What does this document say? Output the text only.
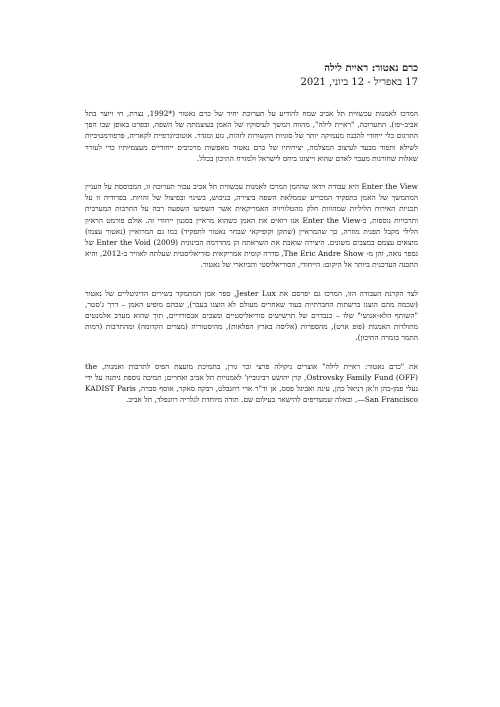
כרם נאטור: ראיית לילה
17 באפריל - 12 ביוני, 2021

המרכז לאמנות עכשווית תל אביב שמח להודיע על תערוכת יחיד של כרם נאטור (*1992, נצרת, חי ויוצר בתל אביב-יפו). התערוכה, "ראיית לילה", מהווה המשך לעיסוקיו של האמן בעוצמתה של השפה, ובפרט באופן שבו הפך התרגום כלי ייחודי להבנה מעמיקה יותר של סוגיות הקשורות לזהות, גזע ומגדר. אוטוביוגרפיית לקאריה, פרפורמטיביות לשילא ותפוד מבעד לעיצוב המצלמה, יצירותיו של כרם נאטור מאפשות מרכיבים ייחודיים מעצמיותיו כדי לעורר שאלות שחורגות מעבר לאדם שהוא וייצוגו ביחס לישראל ולמזרח התיכון בכלל.

Enter the View היא עבודת וידאו שהוזמן המרכז לאמנות עכשווית תל אביב עבור תערוכה זו, המבוססת על העניין המתמשך של האמן בתפקיד המכריע שממלאת השפה ביצירה, בגיבוש, בשינוי ובפיצול של זהויות. בפרודיה זו על תכניות האירוח הליליות שמהווות חלק מהטלוויזיה האמריקאית אשר השפיעו השפעה רבה על התרבות המערבית ותרבויות נוספות, ב-Enter the View אנו רואים את האמן כשהוא מראיין בסגנון ייחודי זה. אולם פורמט הראיון הלילי מקבל תפנית מוזרה, כך שהמראיין (שתקן וקופיקאי שבחר נאטור לתפקיד) כמו גם המרואיין (נאטור עצמו) מוצאים עצמם במצבים משונים. היצירה שואבת את השראתה הן מהדרמה הבינונית Enter the Void (2009) של גספר נואה, והן מ- The Eric Andre Show, סדרה קומית אמריקאית סוריאליסטית שעלתה לאוויר ב-2012, והיא התכנה העדכנית ביותר אל היקום: הייחודי, הסוריאליסטי והביזארי של נאטור.

לצד הקרנת העבודה הזו, המרכז גם יפרסם את Jester Lux, ספר אמן המתמקד בשירים הדיגיטליים של נאטור (שכמה מהם הוצגו ברשתות החברתיות בעוד שאחרים מעולם לא הוצגו בעבר), שבהם מופיע האמן – דרך ג'סטר, "השותף הלא-אנושי" שלו – כנבדרם של תרשישים סוריאליסטיים ומצבים אבסורדיים, תוך שהוא מערב אלמנטים מתולדות האמנות (פופ ארט), מהספרות (אליסה בארץ הפלאות), מהיסטוריה (מצרים הקדומה) ומהתרבות (דמות התמר בזמרה התיכון).

את "כרם נאטור: ראיית לילה" אוצרים ניקולה פרצי ובר גורן, בתמיכת מועצת הפיס לתרבות ואמנות, the Ostrovsky Family Fund (OFF), קרן יהושע רבינוביץ' לאמנויות תל אביב ואחרים; תמיכה נוספת ניתנה על ידי נעלי פמן-כהן וז'אן דניאל כהן, עינה ואביגל פסס, אן וד"ר ארי רוזנבלט, רבקה סאקר, אוסף סברה, KADIST Paris—San Francisco, ובאלה שמעדיפים להישאר בעילום שם. תודה מיוחדת לגלריה רוזנפלד, תל אביב.
